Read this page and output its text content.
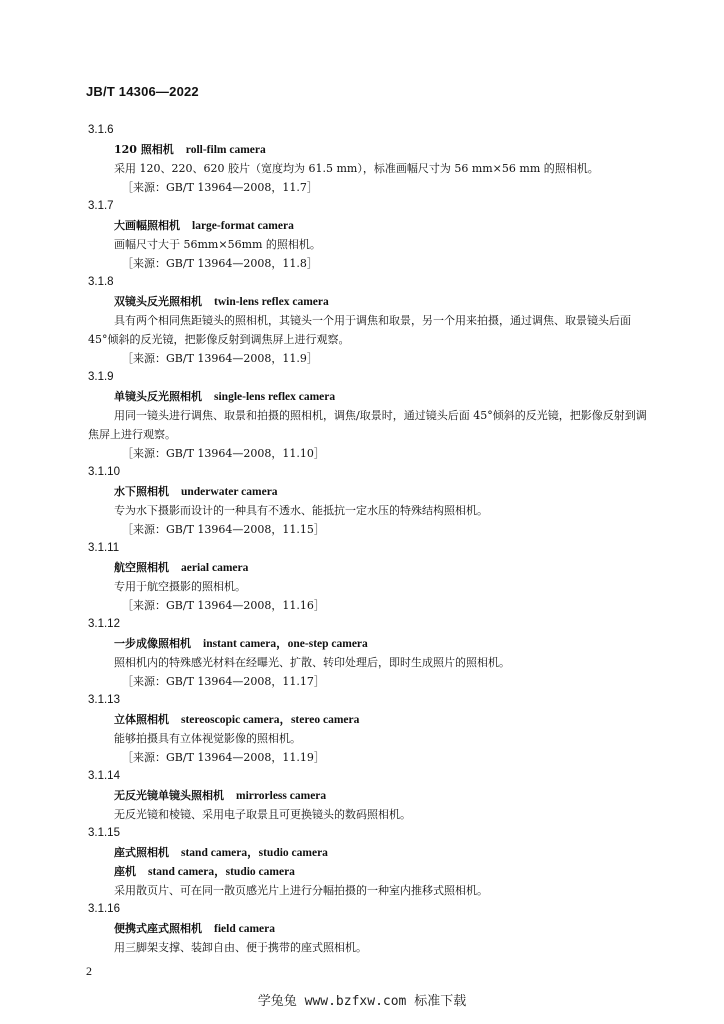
JB/T 14306—2022
3.1.6
120 照相机 roll-film camera
采用 120、220、620 胶片（宽度均为 61.5 mm），标准画幅尺寸为 56 mm×56 mm 的照相机。
［来源：GB/T 13964—2008，11.7］
3.1.7
大画幅照相机 large-format camera
画幅尺寸大于 56mm×56mm 的照相机。
［来源：GB/T 13964—2008，11.8］
3.1.8
双镜头反光照相机 twin-lens reflex camera
具有两个相同焦距镜头的照相机，其镜头一个用于调焦和取景，另一个用来拍摄，通过调焦、取景镜头后面 45°倾斜的反光镜，把影像反射到调焦屏上进行观察。
［来源：GB/T 13964—2008，11.9］
3.1.9
单镜头反光照相机 single-lens reflex camera
用同一镜头进行调焦、取景和拍摄的照相机，调焦/取景时，通过镜头后面 45°倾斜的反光镜，把影像反射到调焦屏上进行观察。
［来源：GB/T 13964—2008，11.10］
3.1.10
水下照相机 underwater camera
专为水下摄影而设计的一种具有不透水、能抵抗一定水压的特殊结构照相机。
［来源：GB/T 13964—2008，11.15］
3.1.11
航空照相机 aerial camera
专用于航空摄影的照相机。
［来源：GB/T 13964—2008，11.16］
3.1.12
一步成像照相机 instant camera，one-step camera
照相机内的特殊感光材料在经曝光、扩散、转印处理后，即时生成照片的照相机。
［来源：GB/T 13964—2008，11.17］
3.1.13
立体照相机 stereoscopic camera，stereo camera
能够拍摄具有立体视觉影像的照相机。
［来源：GB/T 13964—2008，11.19］
3.1.14
无反光镜单镜头照相机 mirrorless camera
无反光镜和棱镜、采用电子取景且可更换镜头的数码照相机。
3.1.15
座式照相机 stand camera，studio camera
座机 stand camera，studio camera
采用散页片、可在同一散页感光片上进行分幅拍摄的一种室内推移式照相机。
3.1.16
便携式座式照相机 field camera
用三脚架支撑、装卸自由、便于携带的座式照相机。
2
学兔兔 www.bzfxw.com 标准下载
